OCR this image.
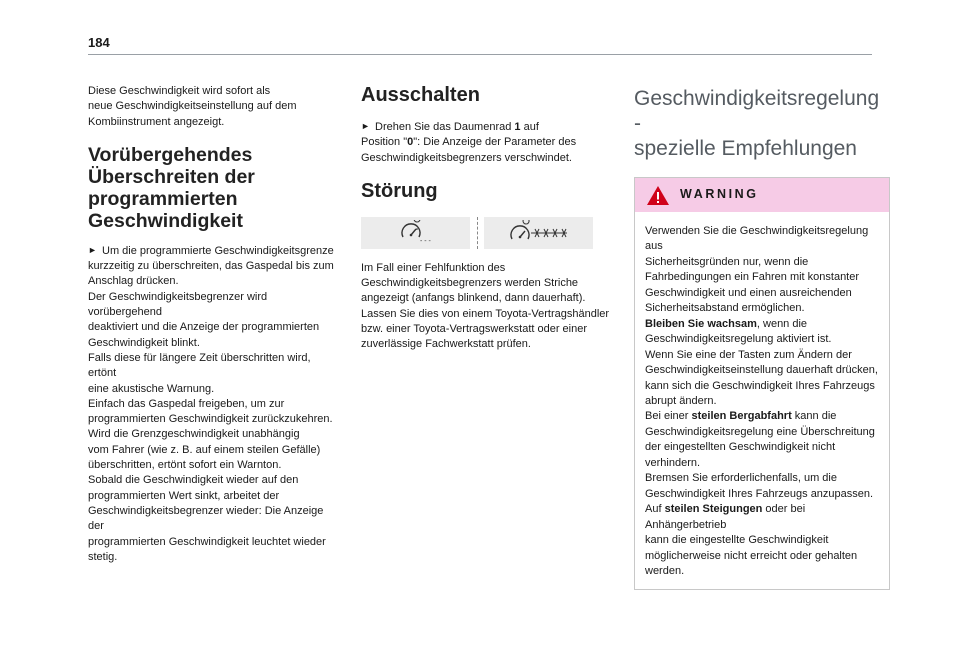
184

Diese Geschwindigkeit wird sofort als
neue Geschwindigkeitseinstellung auf dem
Kombiinstrument angezeigt.

Vorübergehendes
Überschreiten der
programmierten
Geschwindigkeit

► Um die programmierte Geschwindigkeitsgrenze
kurzzeitig zu überschreiten, das Gaspedal bis zum
Anschlag drücken.
Der Geschwindigkeitsbegrenzer wird vorübergehend
deaktiviert und die Anzeige der programmierten
Geschwindigkeit blinkt.
Falls diese für längere Zeit überschritten wird, ertönt
eine akustische Warnung.
Einfach das Gaspedal freigeben, um zur
programmierten Geschwindigkeit zurückzukehren.
Wird die Grenzgeschwindigkeit unabhängig
vom Fahrer (wie z. B. auf einem steilen Gefälle)
überschritten, ertönt sofort ein Warnton.
Sobald die Geschwindigkeit wieder auf den
programmierten Wert sinkt, arbeitet der
Geschwindigkeitsbegrenzer wieder: Die Anzeige der
programmierten Geschwindigkeit leuchtet wieder
stetig.

Ausschalten

► Drehen Sie das Daumenrad 1 auf
Position "0": Die Anzeige der Parameter des
Geschwindigkeitsbegrenzers verschwindet.

Störung
- - -

Im Fall einer Fehlfunktion des
Geschwindigkeitsbegrenzers werden Striche
angezeigt (anfangs blinkend, dann dauerhaft).
Lassen Sie dies von einem Toyota-Vertragshändler
bzw. einer Toyota-Vertragswerkstatt oder einer
zuverlässige Fachwerkstatt prüfen.

Geschwindigkeitsregelung -
spezielle Empfehlungen
WARNING
Verwenden Sie die Geschwindigkeitsregelung aus
Sicherheitsgründen nur, wenn die
Fahrbedingungen ein Fahren mit konstanter
Geschwindigkeit und einen ausreichenden
Sicherheitsabstand ermöglichen.
Bleiben Sie wachsam, wenn die
Geschwindigkeitsregelung aktiviert ist.
Wenn Sie eine der Tasten zum Ändern der
Geschwindigkeitseinstellung dauerhaft drücken,
kann sich die Geschwindigkeit Ihres Fahrzeugs
abrupt ändern.
Bei einer steilen Bergabfahrt kann die
Geschwindigkeitsregelung eine Überschreitung
der eingestellten Geschwindigkeit nicht verhindern.
Bremsen Sie erforderlichenfalls, um die
Geschwindigkeit Ihres Fahrzeugs anzupassen.
Auf steilen Steigungen oder bei Anhängerbetrieb
kann die eingestellte Geschwindigkeit
möglicherweise nicht erreicht oder gehalten
werden.
